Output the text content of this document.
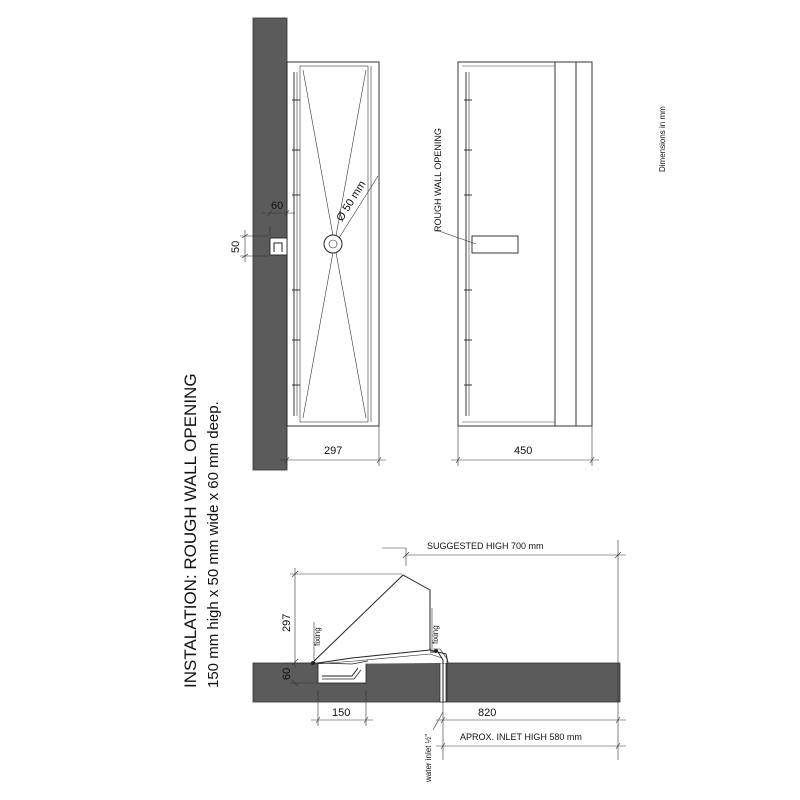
Ø 50 mm
60
50
297
ROUGH WALL OPENING
450
Dimensions in mm
INSTALATION: ROUGH WALL OPENING 150 mm high x 50 mm wide x 60 mm deep.	fixing	fixing
297
60
SUGGESTED HIGH 700 mm
150	820
APROX. INLET HIGH 580 mm
water inlet ½"
